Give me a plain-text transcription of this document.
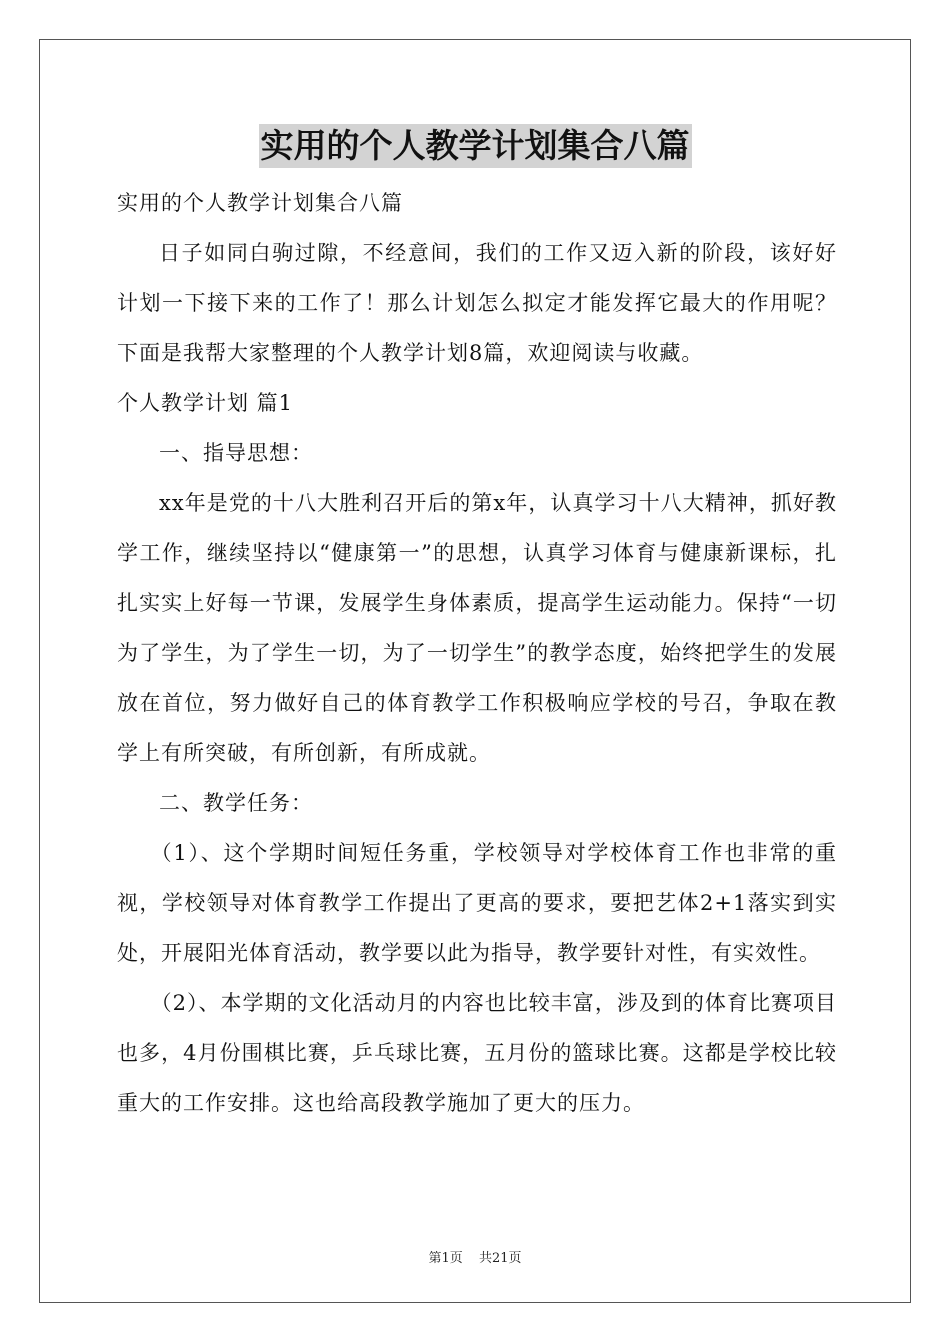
实用的个人教学计划集合八篇

实用的个人教学计划集合八篇

日子如同白驹过隙，不经意间，我们的工作又迈入新的阶段，该好好计划一下接下来的工作了！那么计划怎么拟定才能发挥它最大的作用呢？下面是我帮大家整理的个人教学计划8篇，欢迎阅读与收藏。

个人教学计划 篇1

一、指导思想：

xx年是党的十八大胜利召开后的第x年，认真学习十八大精神，抓好教学工作，继续坚持以“健康第一”的思想，认真学习体育与健康新课标，扎扎实实上好每一节课，发展学生身体素质，提高学生运动能力。保持“一切为了学生，为了学生一切，为了一切学生”的教学态度，始终把学生的发展放在首位，努力做好自己的体育教学工作积极响应学校的号召，争取在教学上有所突破，有所创新，有所成就。

二、教学任务：

（1）、这个学期时间短任务重，学校领导对学校体育工作也非常的重视，学校领导对体育教学工作提出了更高的要求，要把艺体2+1落实到实处，开展阳光体育活动，教学要以此为指导，教学要针对性，有实效性。

（2）、本学期的文化活动月的内容也比较丰富，涉及到的体育比赛项目也多，4月份围棋比赛，乒乓球比赛，五月份的篮球比赛。这都是学校比较重大的工作安排。这也给高段教学施加了更大的压力。

第1页 共21页
